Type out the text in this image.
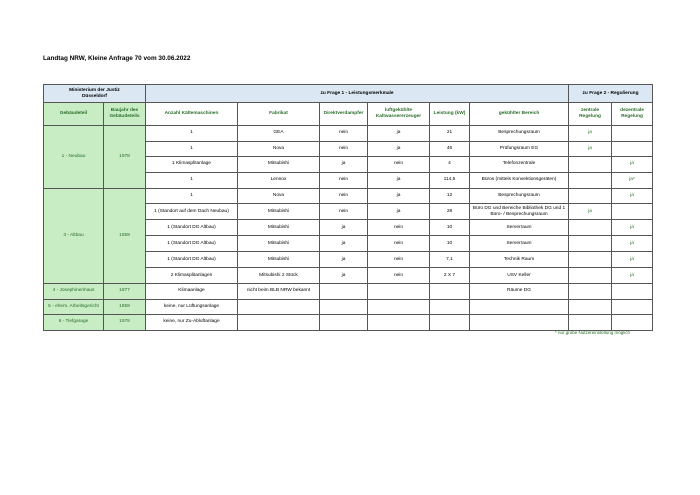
Landtag NRW, Kleine Anfrage 70 vom 30.06.2022
Ministerium der Justiz
Düsseldorf		zu Frage 1 - Leistungsmerkmale						zu Frage 2 - Regulierung	
Gebäudeteil	Baujahr des Gebäudeteils	Anzahl Kältemaschinen	Fabrikat	Direktverdampfer	luftgekühlte Kaltwassererzeuger	Leistung (kW)	gekühlter Bereich	zentrale Regelung	dezentrale Regelung
1 - Neubau	1978	1	GEA	nein	ja	21	Besprechungsraum	ja	
		1	Nova	nein	ja	46	Prüfungsraum EG	ja	
		1 Klimasplitanlage	Mitsubishi	ja	nein	4	Telefonzentrale		ja
		1	Lennox	nein	ja	114,5	Büros (mittels Konvektionsgeräten)		ja*
3 - Altbau	1859	1	Nova	nein	ja	12	Besprechungsraum		ja
		1 (Standort auf dem Dach Neubau)	Mitsubishi	nein	ja	28	Büro DG und Bereiche Bibliothek DG und 1 Büro- / Besprechungsraum	ja	
		1 (Standort DG Altbau)	Mitsubishi	ja	nein	10	Serverraum		ja
		1 (Standort DG Altbau)	Mitsubishi	ja	nein	10	Serverraum		ja
		1 (Standort DG Altbau)	Mitsubishi	ja	nein	7,1	Technik Raum		ja
		2 Klimasplitanlagen	Mitsubishi 2 Stück	ja	nein	2 X 7	USV Keller		ja
4 - Josephinenhaus	1877	Klimaanlage	nicht beim BLB NRW bekannt				Räume DG		
5 - ehem. Arbeitsgericht	1859	keine, nur Lüftungsanlage							
6 - Tiefgarage	1978	keine, nur Zu-Abluftanlage							
* nur grobe Nutzereinstellung möglich
